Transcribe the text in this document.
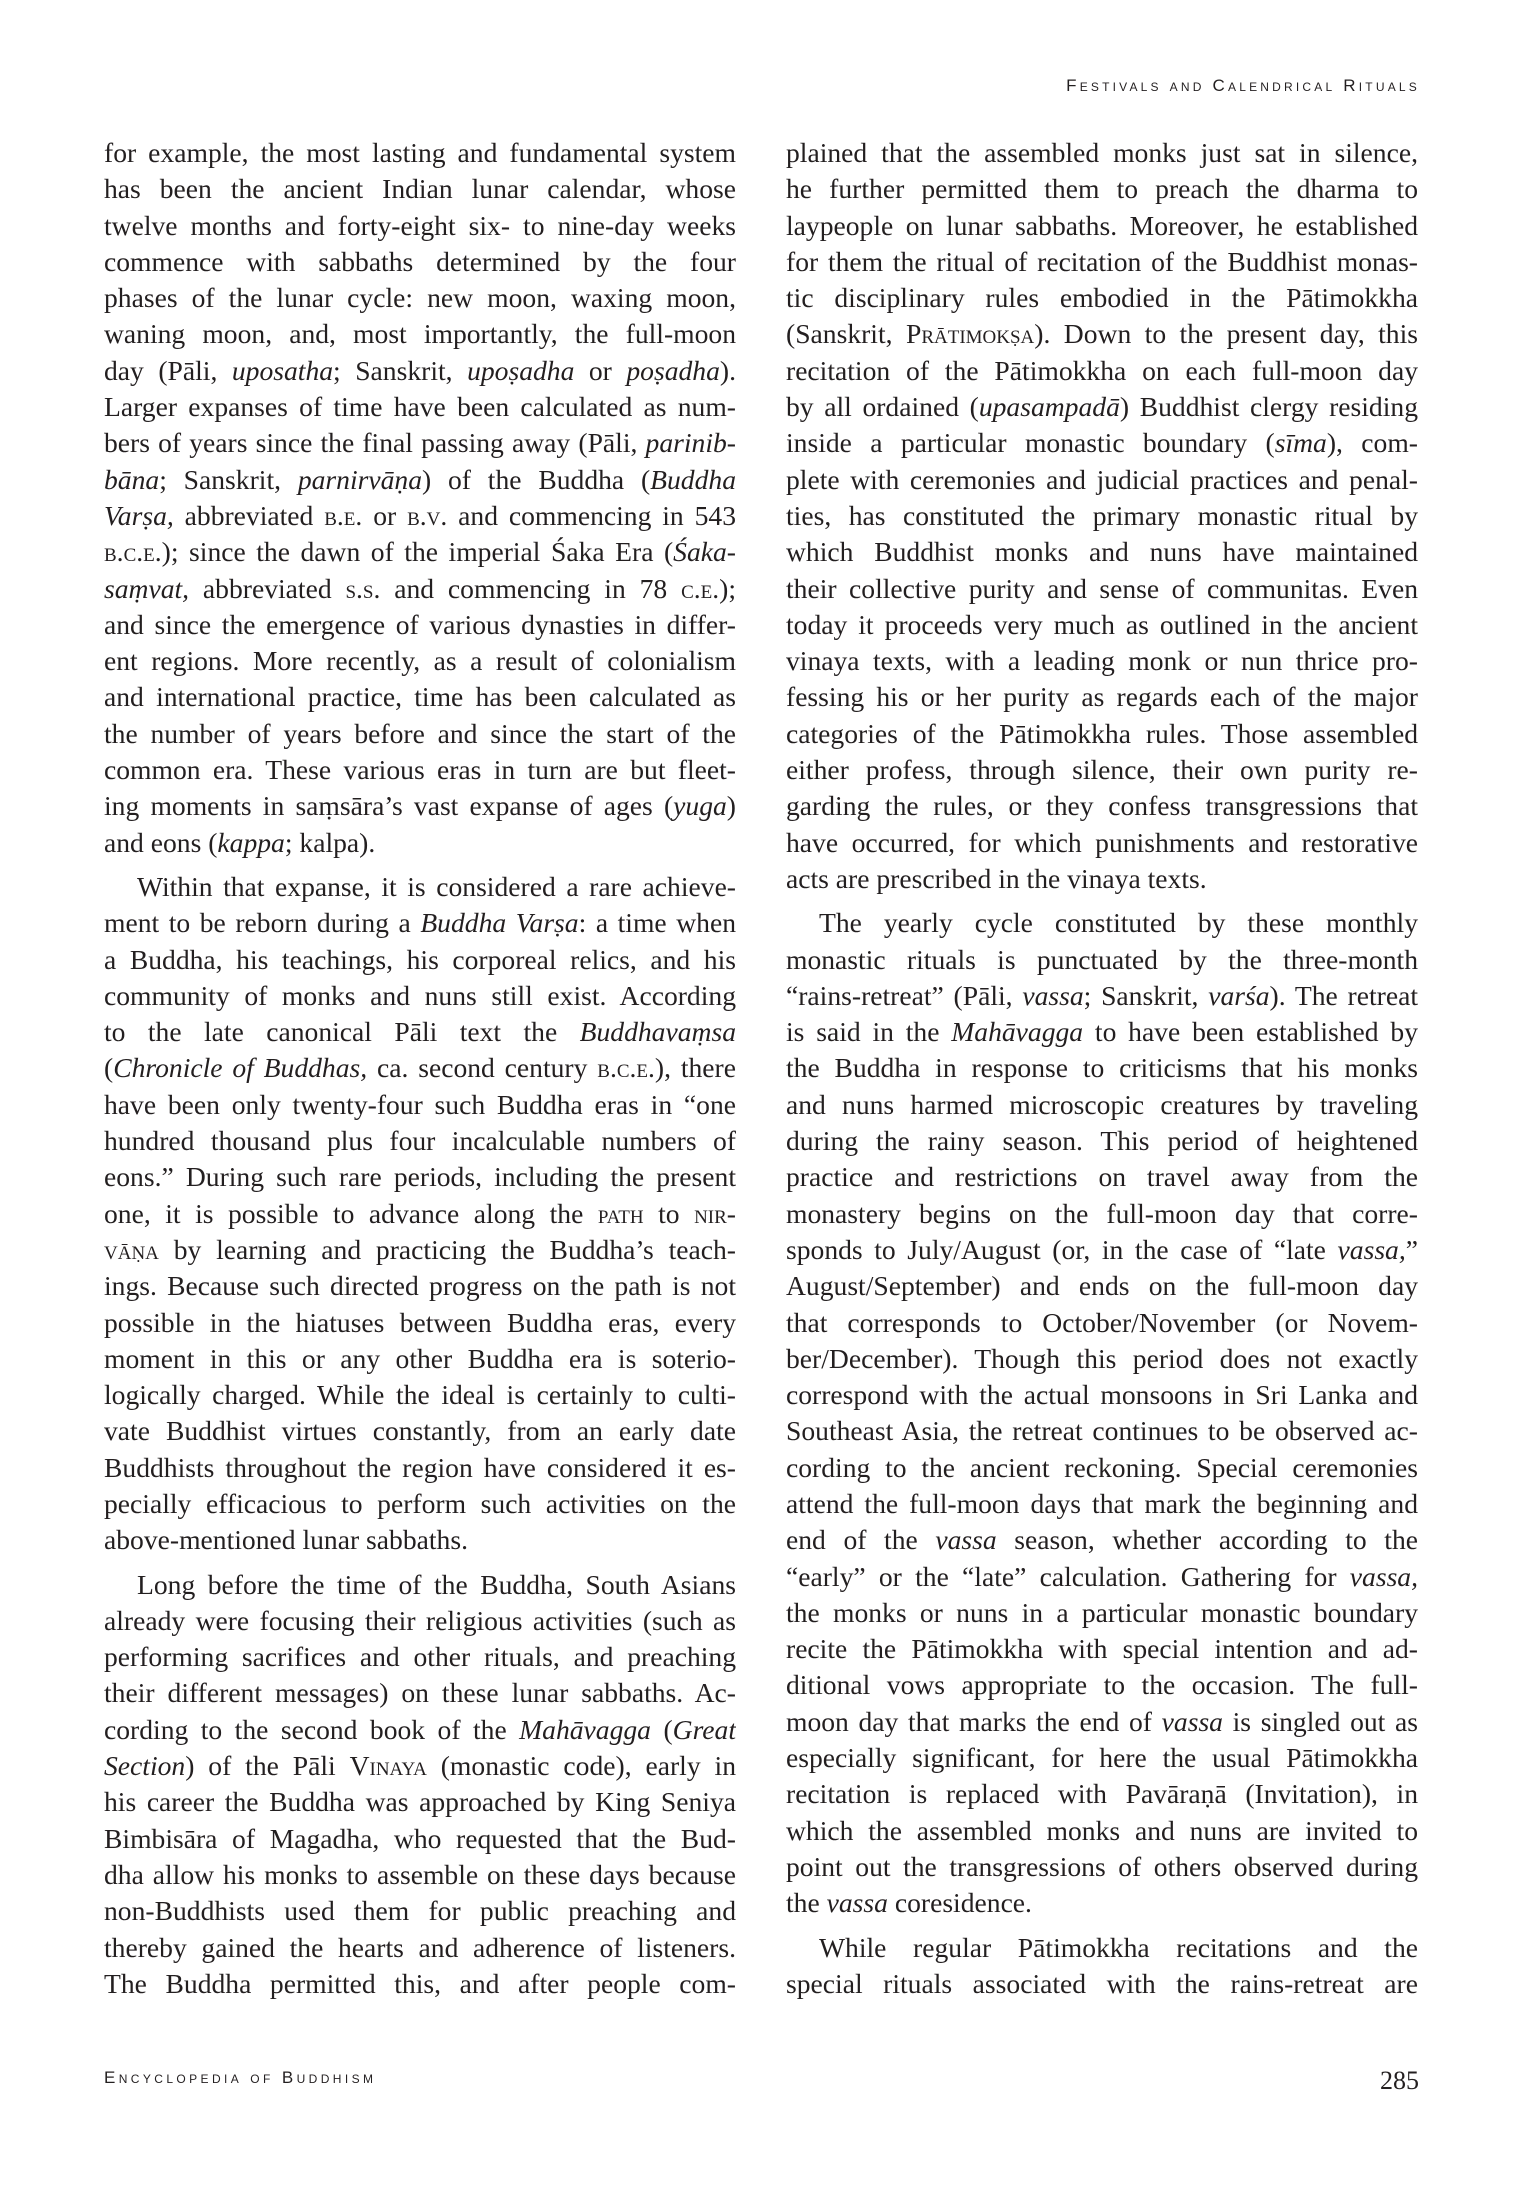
Festivals and Calendrical Rituals
for example, the most lasting and fundamental system
has been the ancient Indian lunar calendar, whose
twelve months and forty-eight six- to nine-day weeks
commence with sabbaths determined by the four
phases of the lunar cycle: new moon, waxing moon,
waning moon, and, most importantly, the full-moon
day (Pāli, uposatha; Sanskrit, upoṣadha or poṣadha).
Larger expanses of time have been calculated as num-
bers of years since the final passing away (Pāli, parinib-
bāna; Sanskrit, parnirvāṇa) of the Buddha (Buddha
Varṣa, abbreviated b.e. or b.v. and commencing in 543
b.c.e.); since the dawn of the imperial Śaka Era (Śaka-
saṃvat, abbreviated s.s. and commencing in 78 c.e.);
and since the emergence of various dynasties in differ-
ent regions. More recently, as a result of colonialism
and international practice, time has been calculated as
the number of years before and since the start of the
common era. These various eras in turn are but fleet-
ing moments in saṃsāra’s vast expanse of ages (yuga)
and eons (kappa; kalpa).
Within that expanse, it is considered a rare achieve-
ment to be reborn during a Buddha Varṣa: a time when
a Buddha, his teachings, his corporeal relics, and his
community of monks and nuns still exist. According
to the late canonical Pāli text the Buddhavaṃsa
(Chronicle of Buddhas, ca. second century b.c.e.), there
have been only twenty-four such Buddha eras in “one
hundred thousand plus four incalculable numbers of
eons.” During such rare periods, including the present
one, it is possible to advance along the path to nir-
vāṇa by learning and practicing the Buddha’s teach-
ings. Because such directed progress on the path is not
possible in the hiatuses between Buddha eras, every
moment in this or any other Buddha era is soterio-
logically charged. While the ideal is certainly to culti-
vate Buddhist virtues constantly, from an early date
Buddhists throughout the region have considered it es-
pecially efficacious to perform such activities on the
above-mentioned lunar sabbaths.
Long before the time of the Buddha, South Asians
already were focusing their religious activities (such as
performing sacrifices and other rituals, and preaching
their different messages) on these lunar sabbaths. Ac-
cording to the second book of the Mahāvagga (Great
Section) of the Pāli Vinaya (monastic code), early in
his career the Buddha was approached by King Seniya
Bimbisāra of Magadha, who requested that the Bud-
dha allow his monks to assemble on these days because
non-Buddhists used them for public preaching and
thereby gained the hearts and adherence of listeners.
The Buddha permitted this, and after people com-
plained that the assembled monks just sat in silence,
he further permitted them to preach the dharma to
laypeople on lunar sabbaths. Moreover, he established
for them the ritual of recitation of the Buddhist monas-
tic disciplinary rules embodied in the Pātimokkha
(Sanskrit, Prātimokṣa). Down to the present day, this
recitation of the Pātimokkha on each full-moon day
by all ordained (upasampadā) Buddhist clergy residing
inside a particular monastic boundary (sīma), com-
plete with ceremonies and judicial practices and penal-
ties, has constituted the primary monastic ritual by
which Buddhist monks and nuns have maintained
their collective purity and sense of communitas. Even
today it proceeds very much as outlined in the ancient
vinaya texts, with a leading monk or nun thrice pro-
fessing his or her purity as regards each of the major
categories of the Pātimokkha rules. Those assembled
either profess, through silence, their own purity re-
garding the rules, or they confess transgressions that
have occurred, for which punishments and restorative
acts are prescribed in the vinaya texts.
The yearly cycle constituted by these monthly
monastic rituals is punctuated by the three-month
“rains-retreat” (Pāli, vassa; Sanskrit, varśa). The retreat
is said in the Mahāvagga to have been established by
the Buddha in response to criticisms that his monks
and nuns harmed microscopic creatures by traveling
during the rainy season. This period of heightened
practice and restrictions on travel away from the
monastery begins on the full-moon day that corre-
sponds to July/August (or, in the case of “late vassa,”
August/September) and ends on the full-moon day
that corresponds to October/November (or Novem-
ber/December). Though this period does not exactly
correspond with the actual monsoons in Sri Lanka and
Southeast Asia, the retreat continues to be observed ac-
cording to the ancient reckoning. Special ceremonies
attend the full-moon days that mark the beginning and
end of the vassa season, whether according to the
“early” or the “late” calculation. Gathering for vassa,
the monks or nuns in a particular monastic boundary
recite the Pātimokkha with special intention and ad-
ditional vows appropriate to the occasion. The full-
moon day that marks the end of vassa is singled out as
especially significant, for here the usual Pātimokkha
recitation is replaced with Pavāraṇā (Invitation), in
which the assembled monks and nuns are invited to
point out the transgressions of others observed during
the vassa coresidence.
While regular Pātimokkha recitations and the
special rituals associated with the rains-retreat are
Encyclopedia of Buddhism	285
